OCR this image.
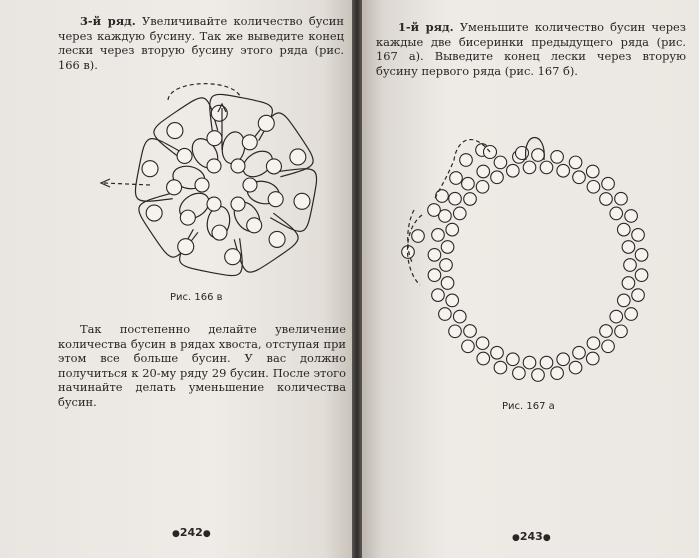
3-й ряд. Увеличивайте количество бусин через каждую бусину. Так же выведите конец лески через вторую бусину этого ряда (рис. 166 в).
Рис. 166 в
Так постепенно делайте увеличение количества бусин в рядах хвоста, отступая при этом все больше бусин. У вас должно получиться к 20-му ряду 29 бусин. После этого начинайте делать уменьшение количества бусин.
●242●
1-й ряд. Уменьшите количество бусин через каждые две бисеринки предыдущего ряда (рис. 167 а). Выведите конец лески через вторую бусину первого ряда (рис. 167 б).
Рис. 167 а
●243●
